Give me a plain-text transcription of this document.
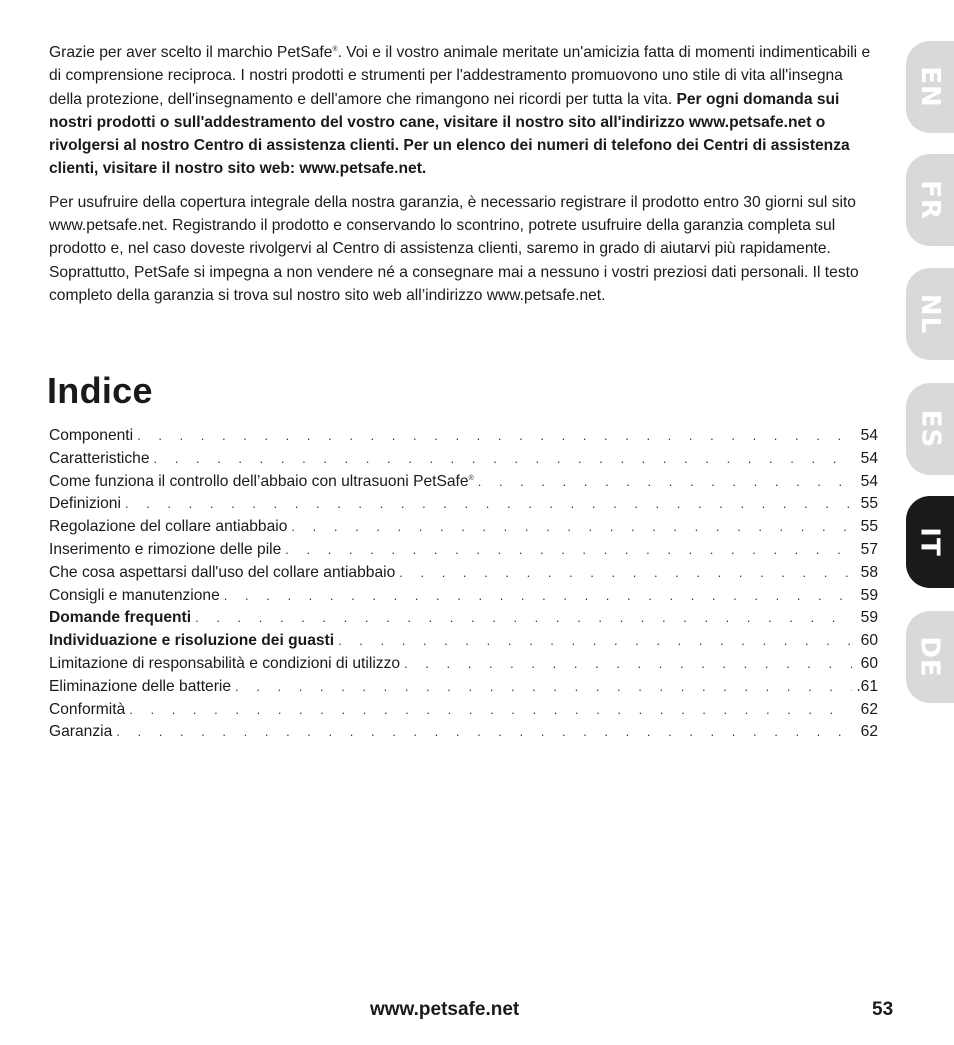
Grazie per aver scelto il marchio PetSafe®. Voi e il vostro animale meritate un'amicizia fatta di momenti indimenticabili e di comprensione reciproca. I nostri prodotti e strumenti per l'addestramento promuovono uno stile di vita all'insegna della protezione, dell'insegnamento e dell'amore che rimangono nei ricordi per tutta la vita. Per ogni domanda sui nostri prodotti o sull'addestramento del vostro cane, visitare il nostro sito all'indirizzo www.petsafe.net o rivolgersi al nostro Centro di assistenza clienti. Per un elenco dei numeri di telefono dei Centri di assistenza clienti, visitare il nostro sito web: www.petsafe.net.

Per usufruire della copertura integrale della nostra garanzia, è necessario registrare il prodotto entro 30 giorni sul sito www.petsafe.net. Registrando il prodotto e conservando lo scontrino, potrete usufruire della garanzia completa sul prodotto e, nel caso doveste rivolgervi al Centro di assistenza clienti, saremo in grado di aiutarvi più rapidamente. Soprattutto, PetSafe si impegna a non vendere né a consegnare mai a nessuno i vostri preziosi dati personali. Il testo completo della garanzia si trova sul nostro sito web all’indirizzo www.petsafe.net.

Indice
Componenti . . .	54
Caratteristiche . . .	54
Come funziona il controllo dell’abbaio con ultrasuoni PetSafe® . . .	54
Definizioni . . .	55
Regolazione del collare antiabbaio . . .	55
Inserimento e rimozione delle pile . . .	57
Che cosa aspettarsi dall'uso del collare antiabbaio . . .	58
Consigli e manutenzione . . .	59
Domande frequenti . . .	59
Individuazione e risoluzione dei guasti . . .	60
Limitazione di responsabilità e condizioni di utilizzo . . .	60
Eliminazione delle batterie . . .	.61
Conformità . . .	62
Garanzia . . .	62
EN
FR
NL
ES
IT
DE

www.petsafe.net	53
